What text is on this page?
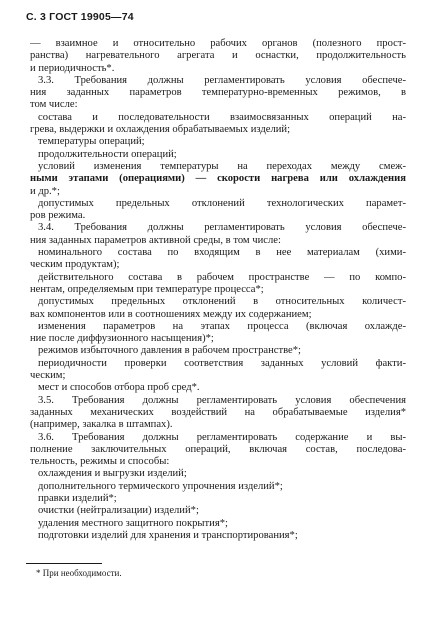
С. 3 ГОСТ 19905—74
— взаимное и относительно рабочих органов (полезного прост-
ранства) нагревательного агрегата и оснастки, продолжительность
и периодичность*.
3.3. Требования должны регламентировать условия обеспече-
ния заданных параметров температурно-временных режимов, в
том числе:
состава и последовательности взаимосвязанных операций на-
грева, выдержки и охлаждения обрабатываемых изделий;
температуры операций;
продолжительности операций;
условий изменения температуры на переходах между смеж-
ными этапами (операциями) — скорости нагрева или охлаждения
и др.*;
допустимых предельных отклонений технологических парамет-
ров режима.
3.4. Требования должны регламентировать условия обеспече-
ния заданных параметров активной среды, в том числе:
номинального состава по входящим в нее материалам (хими-
ческим продуктам);
действительного состава в рабочем пространстве — по компо-
нентам, определяемым при температуре процесса*;
допустимых предельных отклонений в относительных количест-
вах компонентов или в соотношениях между их содержанием;
изменения параметров на этапах процесса (включая охлажде-
ние после диффузионного насыщения)*;
режимов избыточного давления в рабочем пространстве*;
периодичности проверки соответствия заданных условий факти-
ческим;
мест и способов отбора проб сред*.
3.5. Требования должны регламентировать условия обеспечения
заданных механических воздействий на обрабатываемые изделия*
(например, закалка в штампах).
3.6. Требования должны регламентировать содержание и вы-
полнение заключительных операций, включая состав, последова-
тельность, режимы и способы:
охлаждения и выгрузки изделий;
дополнительного термического упрочнения изделий*;
правки изделий*;
очистки (нейтрализации) изделий*;
удаления местного защитного покрытия*;
подготовки изделий для хранения и транспортирования*;
* При необходимости.
